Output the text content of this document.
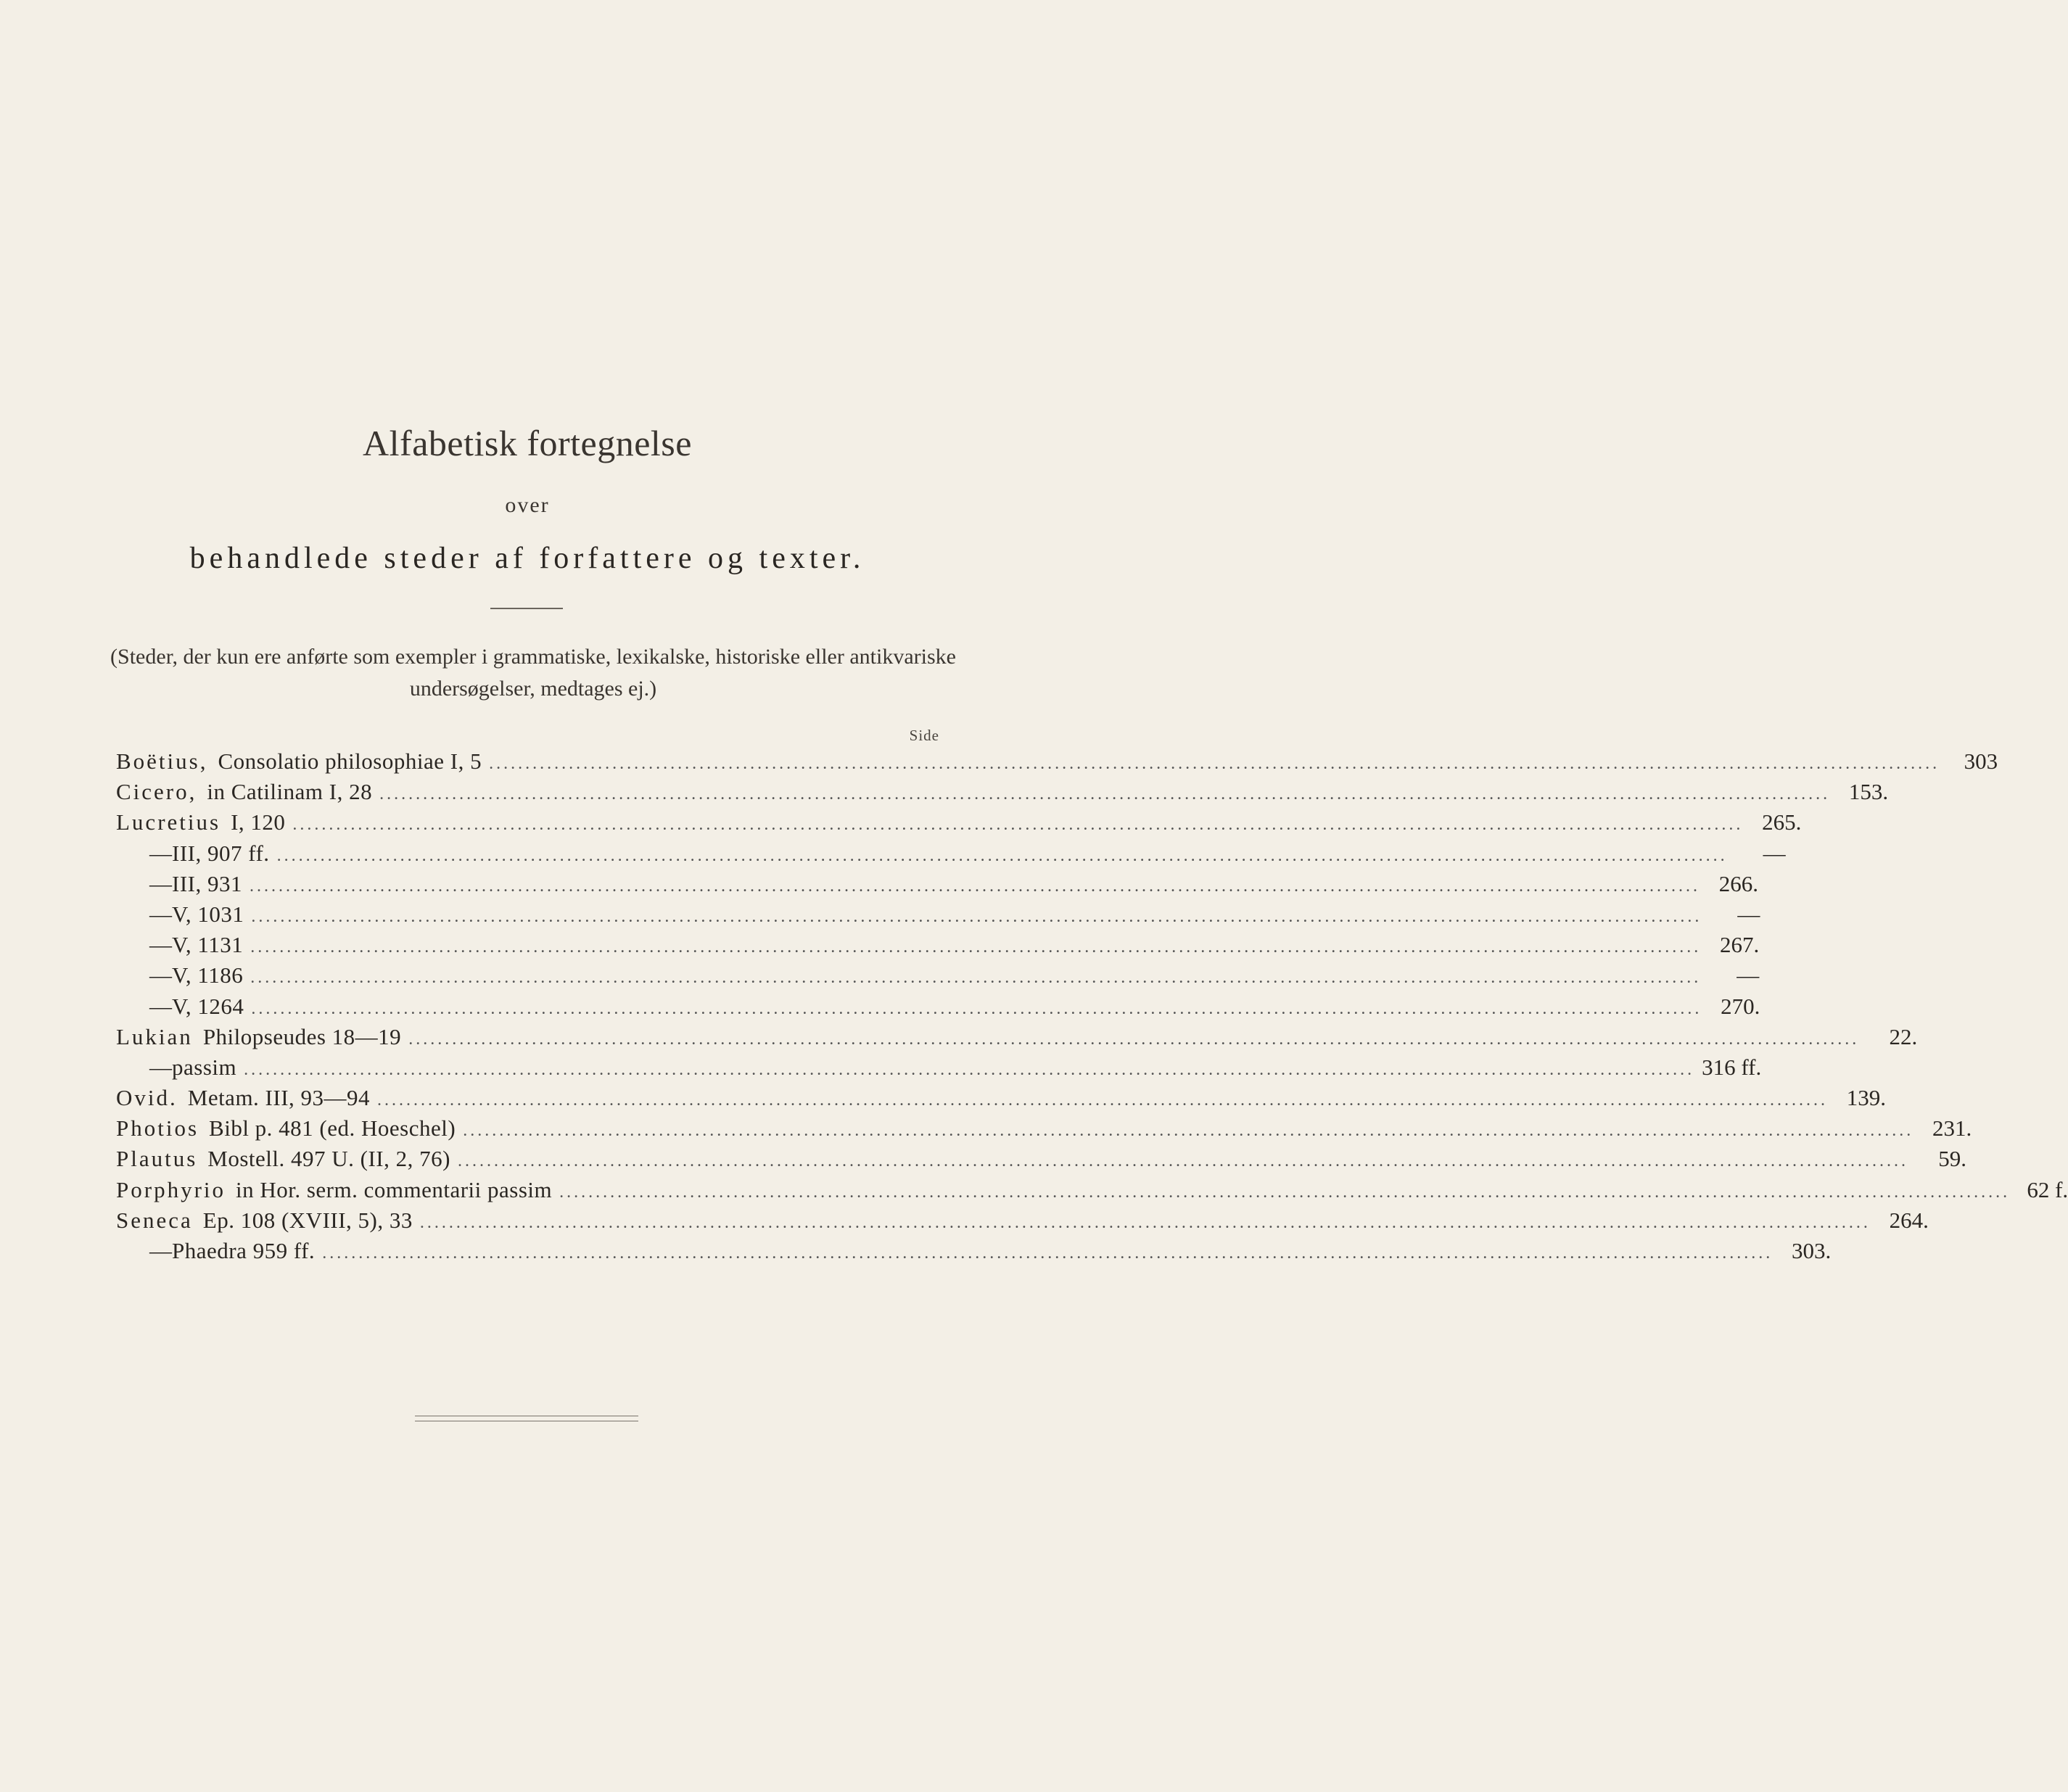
Alfabetisk fortegnelse
over
behandlede steder af forfattere og texter.
(Steder, der kun ere anførte som exempler i grammatiske, lexikalske, historiske eller antikvariske undersøgelser, medtages ej.)
Side
Boëtius, Consolatio philosophiae I, 5 ........................................................................................................................................................................................................	303
Cicero, in Catilinam I, 28 ........................................................................................................................................................................................................ 153.
Lucretius I, 120 ........................................................................................................................................................................................................ 265.
— III, 907 ff. ........................................................................................................................................................................................................	—
— III, 931 ........................................................................................................................................................................................................ 266.
— V, 1031 ........................................................................................................................................................................................................	—
— V, 1131 ........................................................................................................................................................................................................ 267.
— V, 1186 ........................................................................................................................................................................................................	—
— V, 1264 ........................................................................................................................................................................................................ 270.
Lukian Philopseudes 18—19 ........................................................................................................................................................................................................	22.
— passim ........................................................................................................................................................................................................ 316 ff.
Ovid. Metam. III, 93—94 ........................................................................................................................................................................................................ 139.
Photios Bibl p. 481 (ed. Hoeschel) ........................................................................................................................................................................................................ 231.
Plautus Mostell. 497 U. (II, 2, 76) ........................................................................................................................................................................................................	59.
Porphyrio in Hor. serm. commentarii passim ........................................................................................................................................................................................................ 62 f.
Seneca Ep. 108 (XVIII, 5), 33 ........................................................................................................................................................................................................ 264.
— Phaedra 959 ff. ........................................................................................................................................................................................................ 303.
